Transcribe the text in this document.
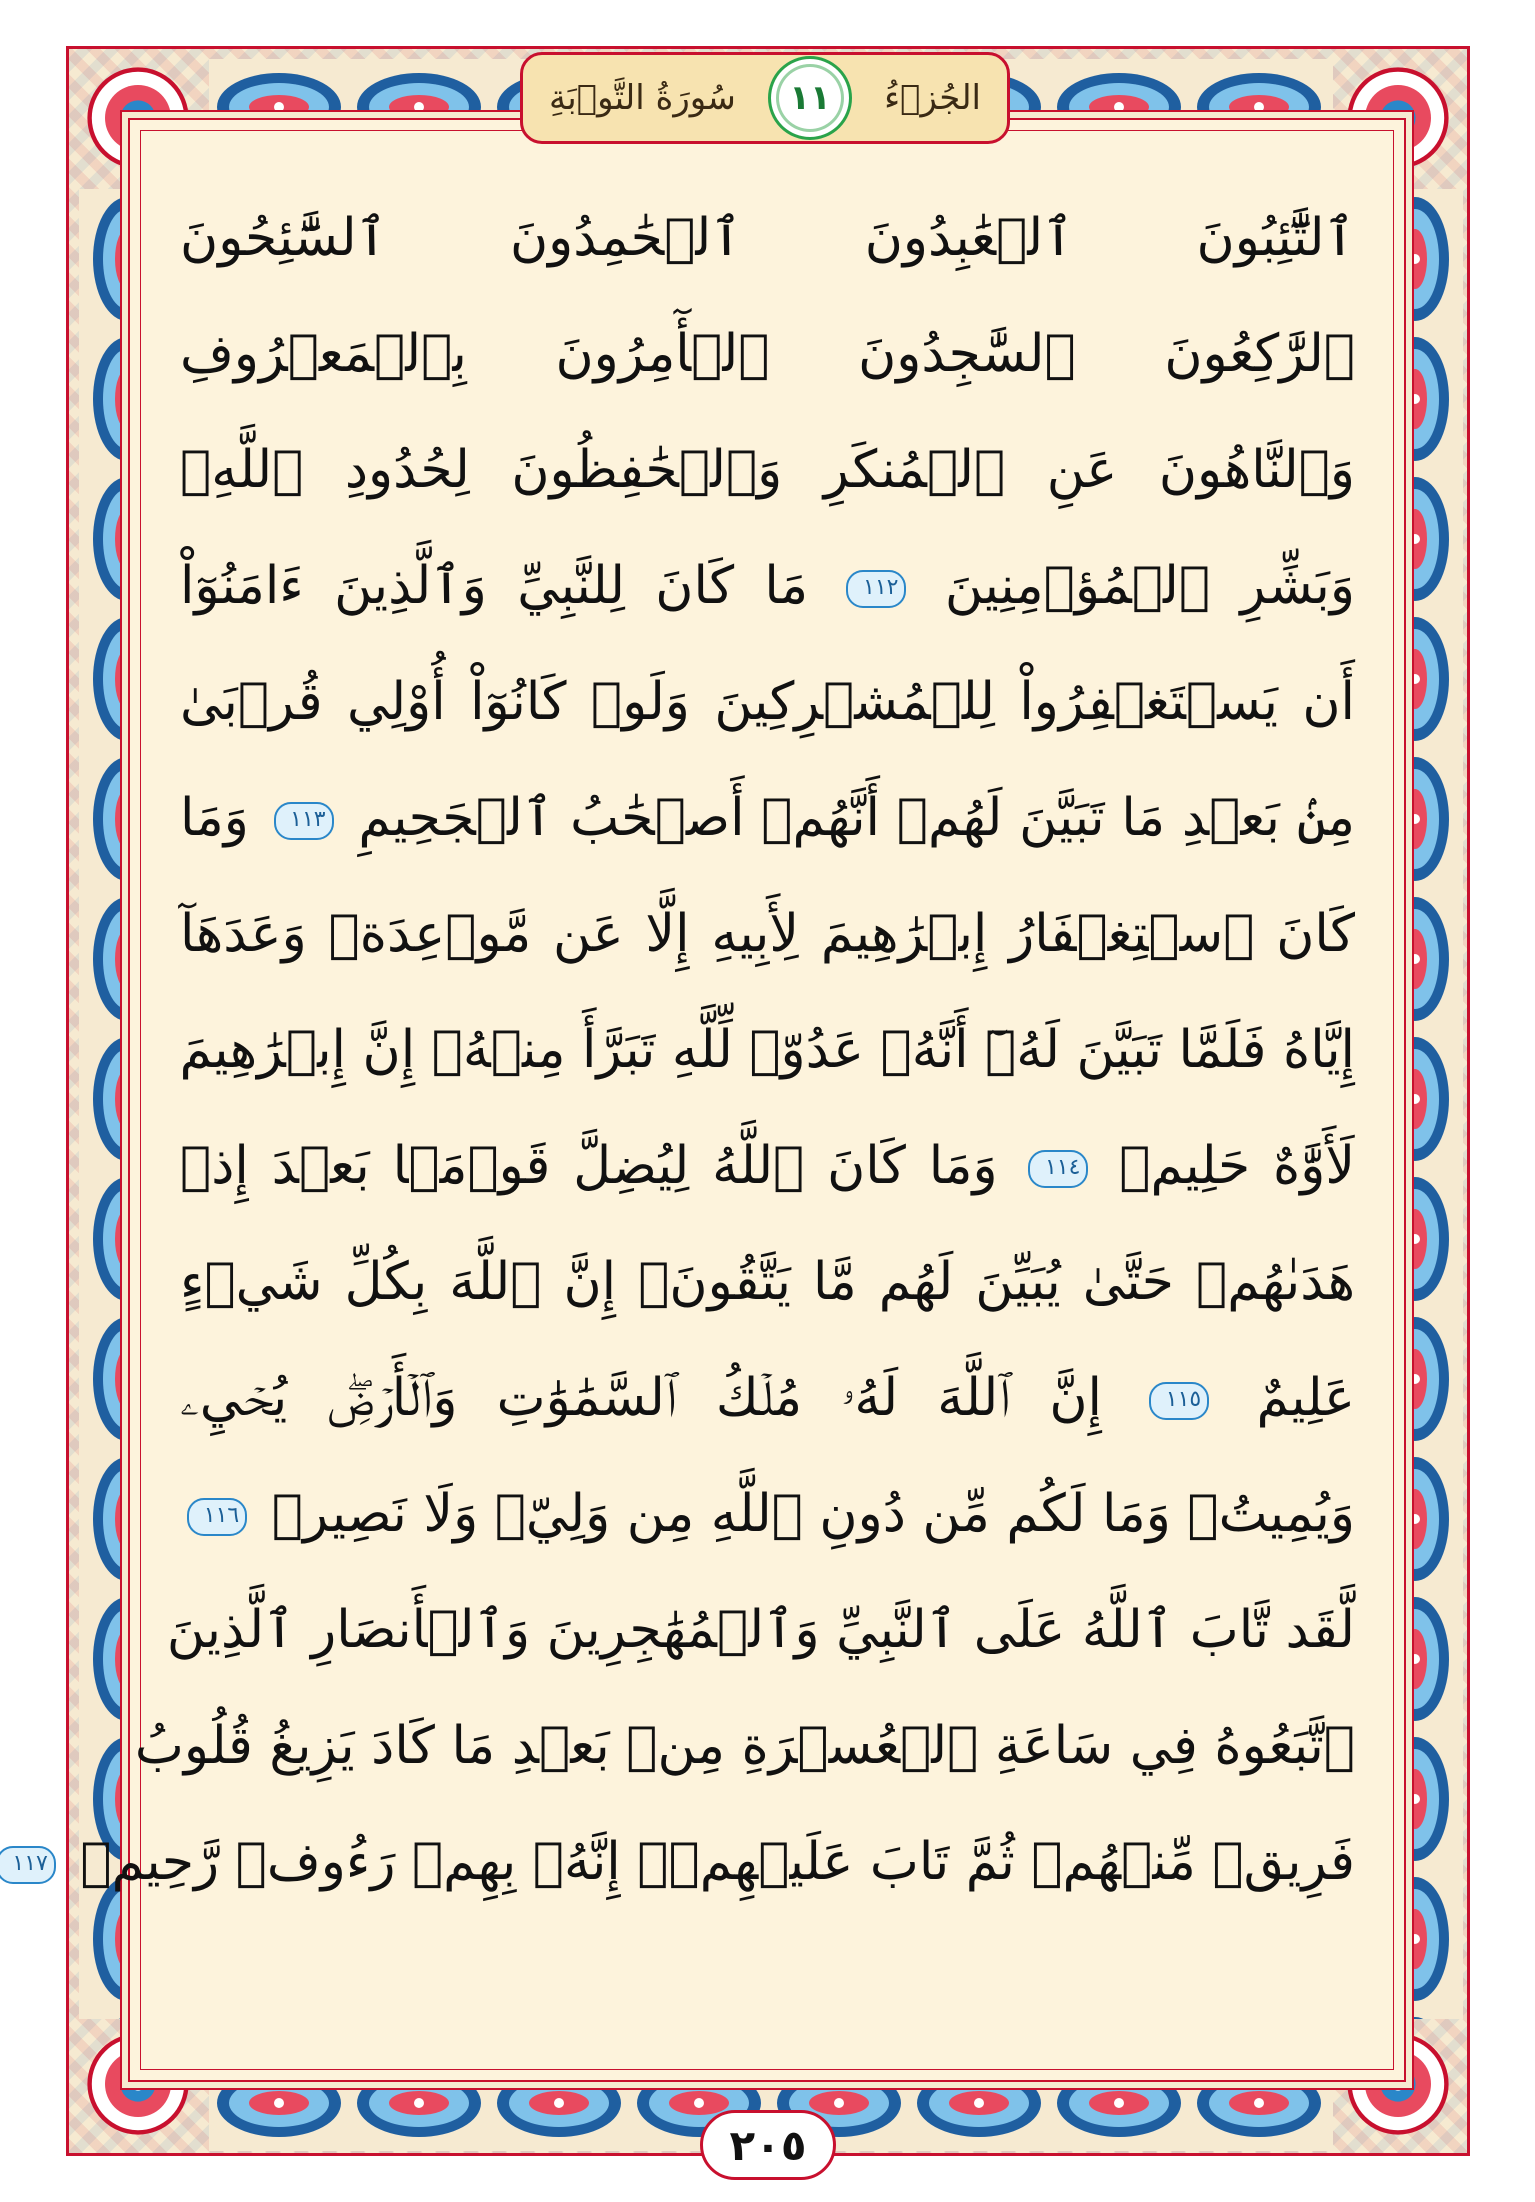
الجُزۡءُ
١١
سُورَةُ التَّوۡبَةِ
ٱلتَّٰٓئِبُونَ ٱلۡعَٰبِدُونَ ٱلۡحَٰمِدُونَ ٱلسَّٰٓئِحُونَ
ٱلرَّٰكِعُونَ ٱلسَّٰجِدُونَ ٱلۡأٓمِرُونَ بِٱلۡمَعۡرُوفِ
وَٱلنَّاهُونَ عَنِ ٱلۡمُنكَرِ وَٱلۡحَٰفِظُونَ لِحُدُودِ ٱللَّهِۗ
وَبَشِّرِ ٱلۡمُؤۡمِنِينَ ١١٢ مَا كَانَ لِلنَّبِيِّ وَٱلَّذِينَ ءَامَنُوٓاْ
أَن يَسۡتَغۡفِرُواْ لِلۡمُشۡرِكِينَ وَلَوۡ كَانُوٓاْ أُوْلِي قُرۡبَىٰ
مِنۢ بَعۡدِ مَا تَبَيَّنَ لَهُمۡ أَنَّهُمۡ أَصۡحَٰبُ ٱلۡجَحِيمِ ١١٣ وَمَا
كَانَ ٱسۡتِغۡفَارُ إِبۡرَٰهِيمَ لِأَبِيهِ إِلَّا عَن مَّوۡعِدَةٖ وَعَدَهَآ
إِيَّاهُ فَلَمَّا تَبَيَّنَ لَهُۥٓ أَنَّهُۥ عَدُوّٞ لِّلَّهِ تَبَرَّأَ مِنۡهُۚ إِنَّ إِبۡرَٰهِيمَ
لَأَوَّٰهٌ حَلِيمٞ ١١٤ وَمَا كَانَ ٱللَّهُ لِيُضِلَّ قَوۡمَۢا بَعۡدَ إِذۡ
هَدَىٰهُمۡ حَتَّىٰ يُبَيِّنَ لَهُم مَّا يَتَّقُونَۚ إِنَّ ٱللَّهَ بِكُلِّ شَيۡءٍ
عَلِيمٌ ١١٥ إِنَّ ٱللَّهَ لَهُۥ مُلۡكُ ٱلسَّمَٰوَٰتِ وَٱلۡأَرۡضِۖ يُحۡيِۦ
وَيُمِيتُۚ وَمَا لَكُم مِّن دُونِ ٱللَّهِ مِن وَلِيّٖ وَلَا نَصِيرٖ ١١٦
لَّقَد تَّابَ ٱللَّهُ عَلَى ٱلنَّبِيِّ وَٱلۡمُهَٰجِرِينَ وَٱلۡأَنصَارِ ٱلَّذِينَ
ٱتَّبَعُوهُ فِي سَاعَةِ ٱلۡعُسۡرَةِ مِنۢ بَعۡدِ مَا كَادَ يَزِيغُ قُلُوبُ
فَرِيقٖ مِّنۡهُمۡ ثُمَّ تَابَ عَلَيۡهِمۡۚ إِنَّهُۥ بِهِمۡ رَءُوفٞ رَّحِيمٞ ١١٧
٢٠٥
